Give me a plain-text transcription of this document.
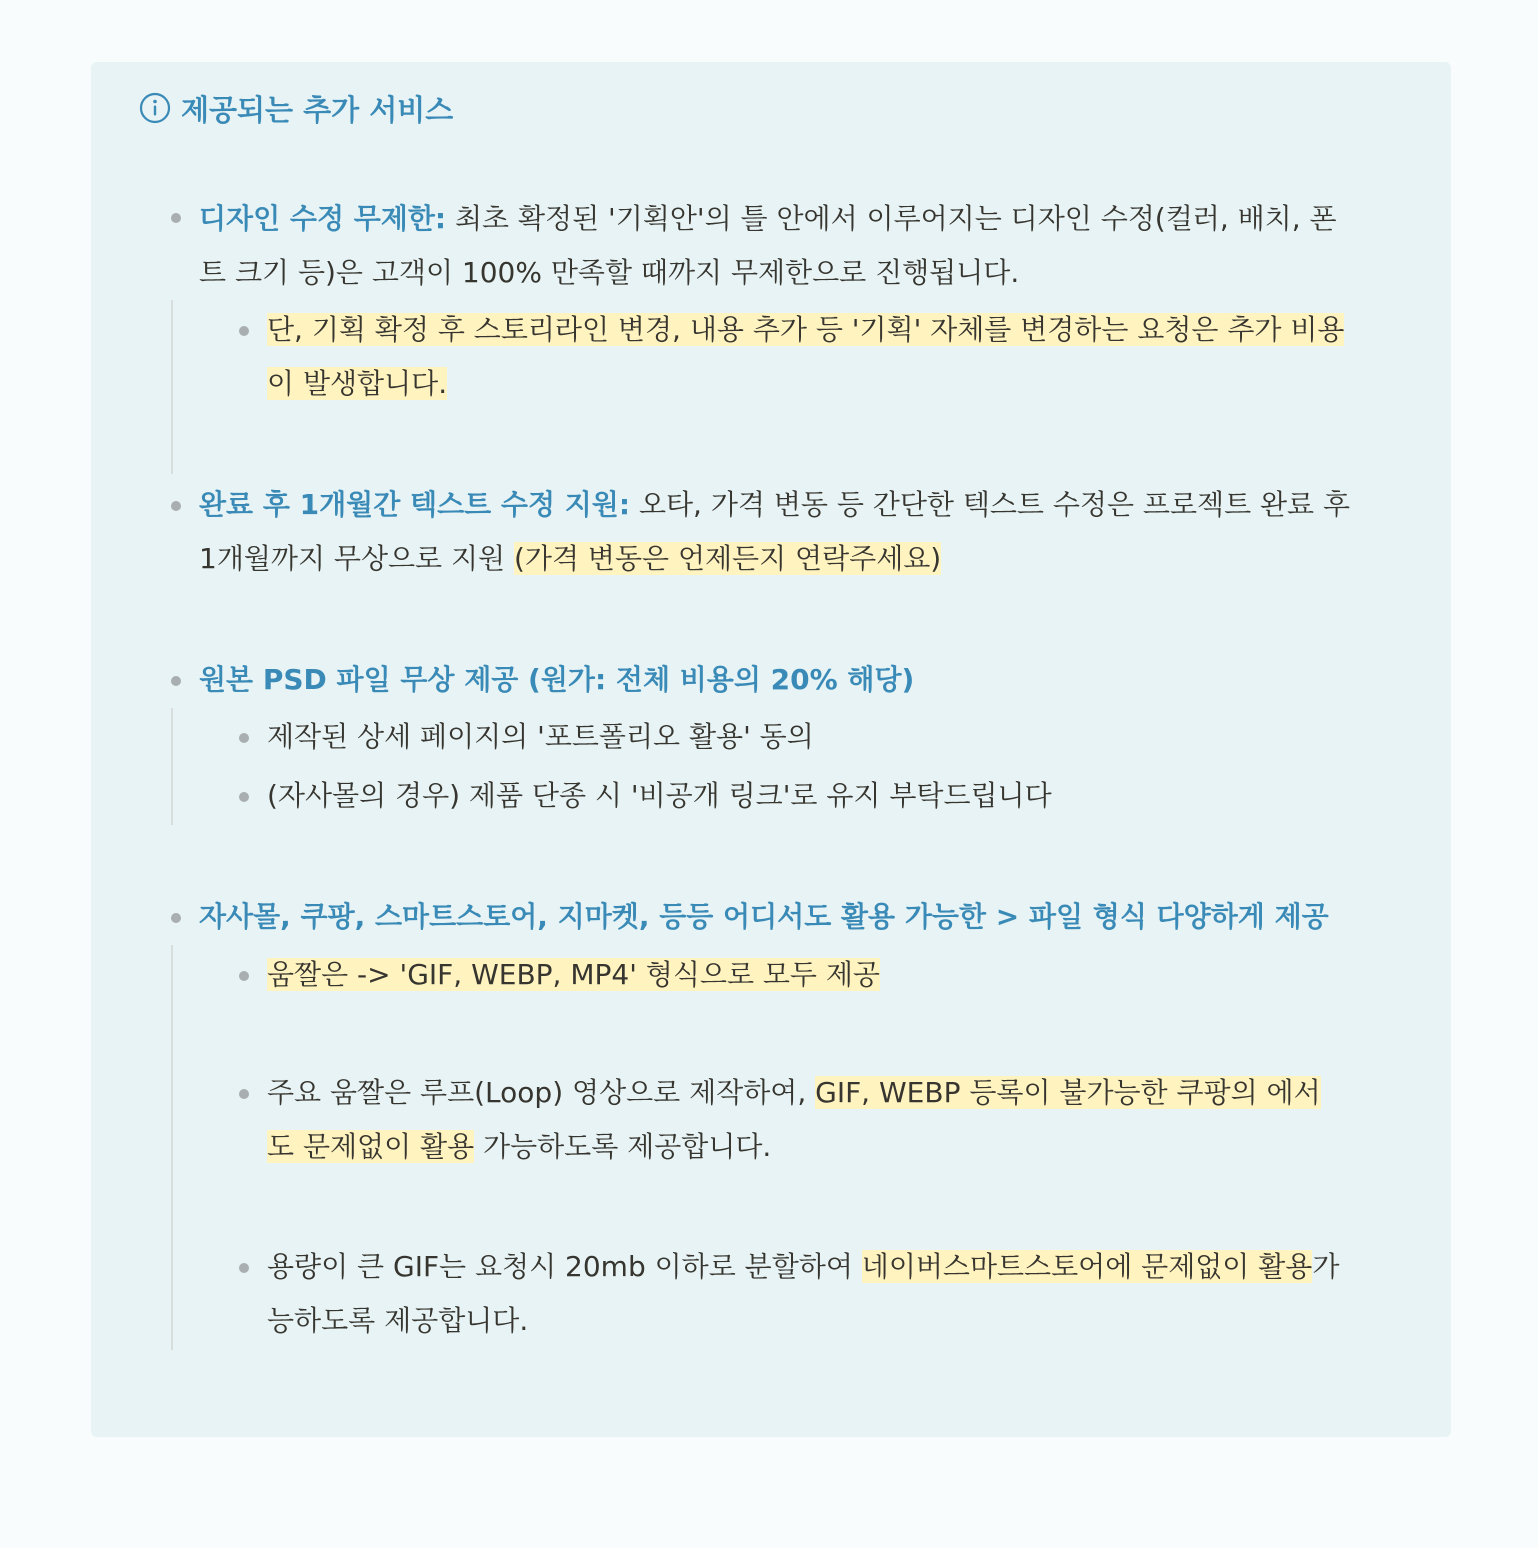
제공되는 추가 서비스
디자인 수정 무제한: 최초 확정된 '기획안'의 틀 안에서 이루어지는 디자인 수정(컬러, 배치, 폰
트 크기 등)은 고객이 100% 만족할 때까지 무제한으로 진행됩니다.
단, 기획 확정 후 스토리라인 변경, 내용 추가 등 '기획' 자체를 변경하는 요청은 추가 비용
이 발생합니다.
완료 후 1개월간 텍스트 수정 지원: 오타, 가격 변동 등 간단한 텍스트 수정은 프로젝트 완료 후
1개월까지 무상으로 지원 (가격 변동은 언제든지 연락주세요)
원본 PSD 파일 무상 제공 (원가: 전체 비용의 20% 해당)
제작된 상세 페이지의 '포트폴리오 활용' 동의
(자사몰의 경우) 제품 단종 시 '비공개 링크'로 유지 부탁드립니다
자사몰, 쿠팡, 스마트스토어, 지마켓, 등등 어디서도 활용 가능한 > 파일 형식 다양하게 제공
움짤은 -> 'GIF, WEBP, MP4' 형식으로 모두 제공
주요 움짤은 루프(Loop) 영상으로 제작하여, GIF, WEBP 등록이 불가능한 쿠팡의 에서
도 문제없이 활용 가능하도록 제공합니다.
용량이 큰 GIF는 요청시 20mb 이하로 분할하여 네이버스마트스토어에 문제없이 활용가
능하도록 제공합니다.
